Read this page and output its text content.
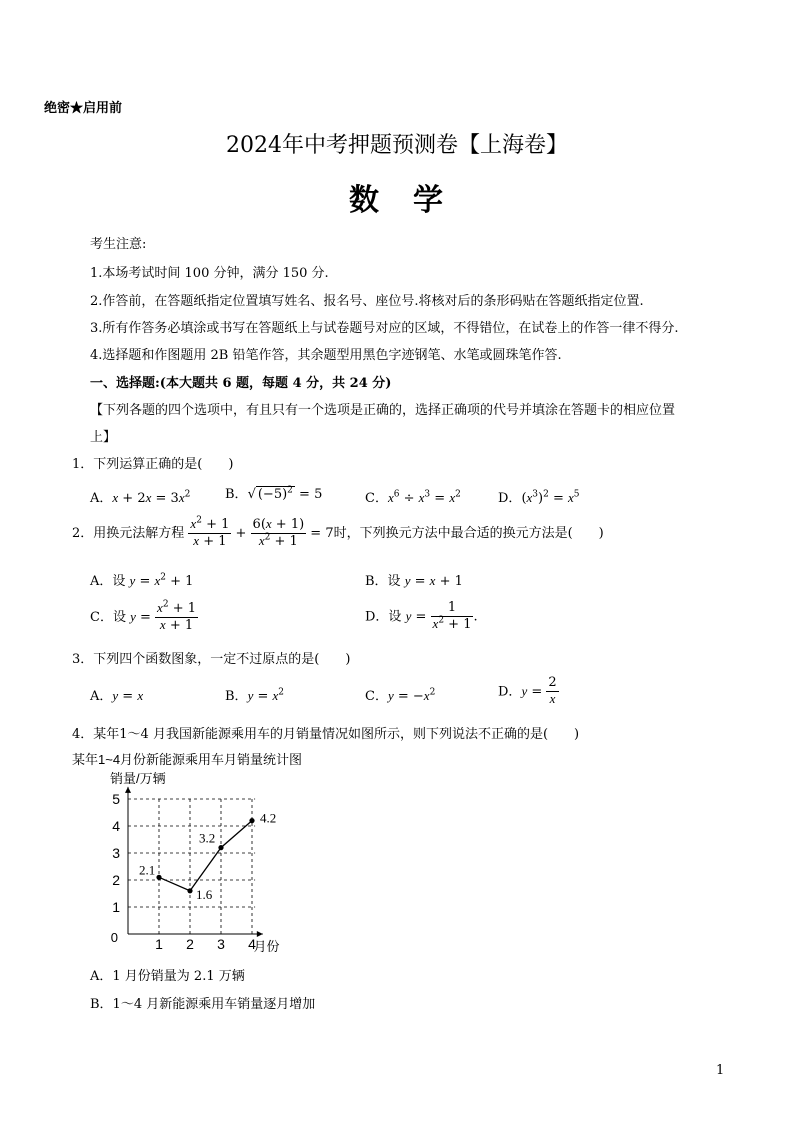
绝密★启用前
2024年中考押题预测卷【上海卷】
数　学
考生注意:
1.本场考试时间 100 分钟，满分 150 分.
2.作答前，在答题纸指定位置填写姓名、报名号、座位号.将核对后的条形码贴在答题纸指定位置.
3.所有作答务必填涂或书写在答题纸上与试卷题号对应的区域，不得错位，在试卷上的作答一律不得分.
4.选择题和作图题用 2B 铅笔作答，其余题型用黑色字迹钢笔、水笔或圆珠笔作答.
一、选择题:(本大题共 6 题，每题 4 分，共 24 分)
【下列各题的四个选项中，有且只有一个选项是正确的，选择正确项的代号并填涂在答题卡的相应位置
上】
1．下列运算正确的是(　　)
A．$x + 2x = 3x^2$	B．√ $(-5)^2 = 5$	C．$x^6 \div x^3 = x^2$	D．$(x^3)^2 = x^5$
2．用换元法解方程 $\frac{x^2 + 1}{x + 1} + \frac{6(x + 1)}{x^2 + 1} = 7$时，下列换元方法中最合适的换元方法是(　　)
A．设 $y = x^2 + 1$	B．设 y = x + 1
C．设 $y = \frac{x^2 + 1}{x + 1}$	D．设 $y = \frac{1}{x^2 + 1}$ .
3．下列四个函数图象，一定不过原点的是(　　)
A．y = x	B．$y = x^2$	C．$y = -x^2$	D．$y = \frac{2}{x}$
4．某年1～4 月我国新能源乘用车的月销量情况如图所示，则下列说法不正确的是(　　)
某年1~4月份新能源乘用车月销量统计图
1 2 3 4
1
2
3
4
5
0
销量/万辆
月份
2.1
1.6
3.2
4.2
A．1 月份销量为 2.1 万辆
B．1～4 月新能源乘用车销量逐月增加
1
